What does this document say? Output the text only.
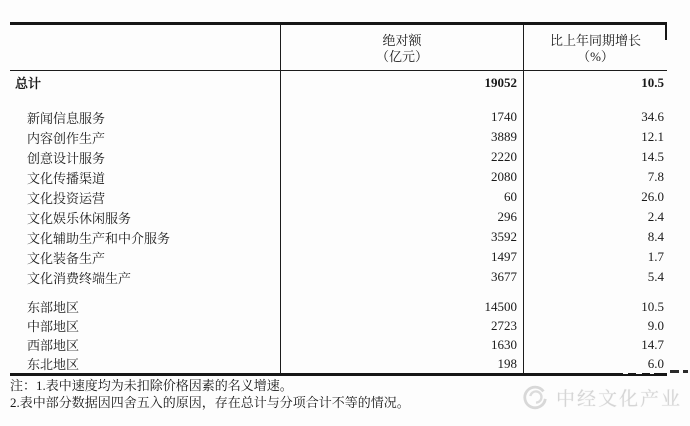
绝对额
（亿元）
比上年同期增长
（%）
总计	19052	10.5
新闻信息服务	1740	34.6
内容创作生产	3889	12.1
创意设计服务	2220	14.5
文化传播渠道	2080	7.8
文化投资运营	60	26.0
文化娱乐休闲服务	296	2.4
文化辅助生产和中介服务	3592	8.4
文化装备生产	1497	1.7
文化消费终端生产	3677	5.4
东部地区	14500	10.5
中部地区	2723	9.0
西部地区	1630	14.7
东北地区	198	6.0
注：1.表中速度均为未扣除价格因素的名义增速。
2.表中部分数据因四舍五入的原因，存在总计与分项合计不等的情况。	中经文化产业
